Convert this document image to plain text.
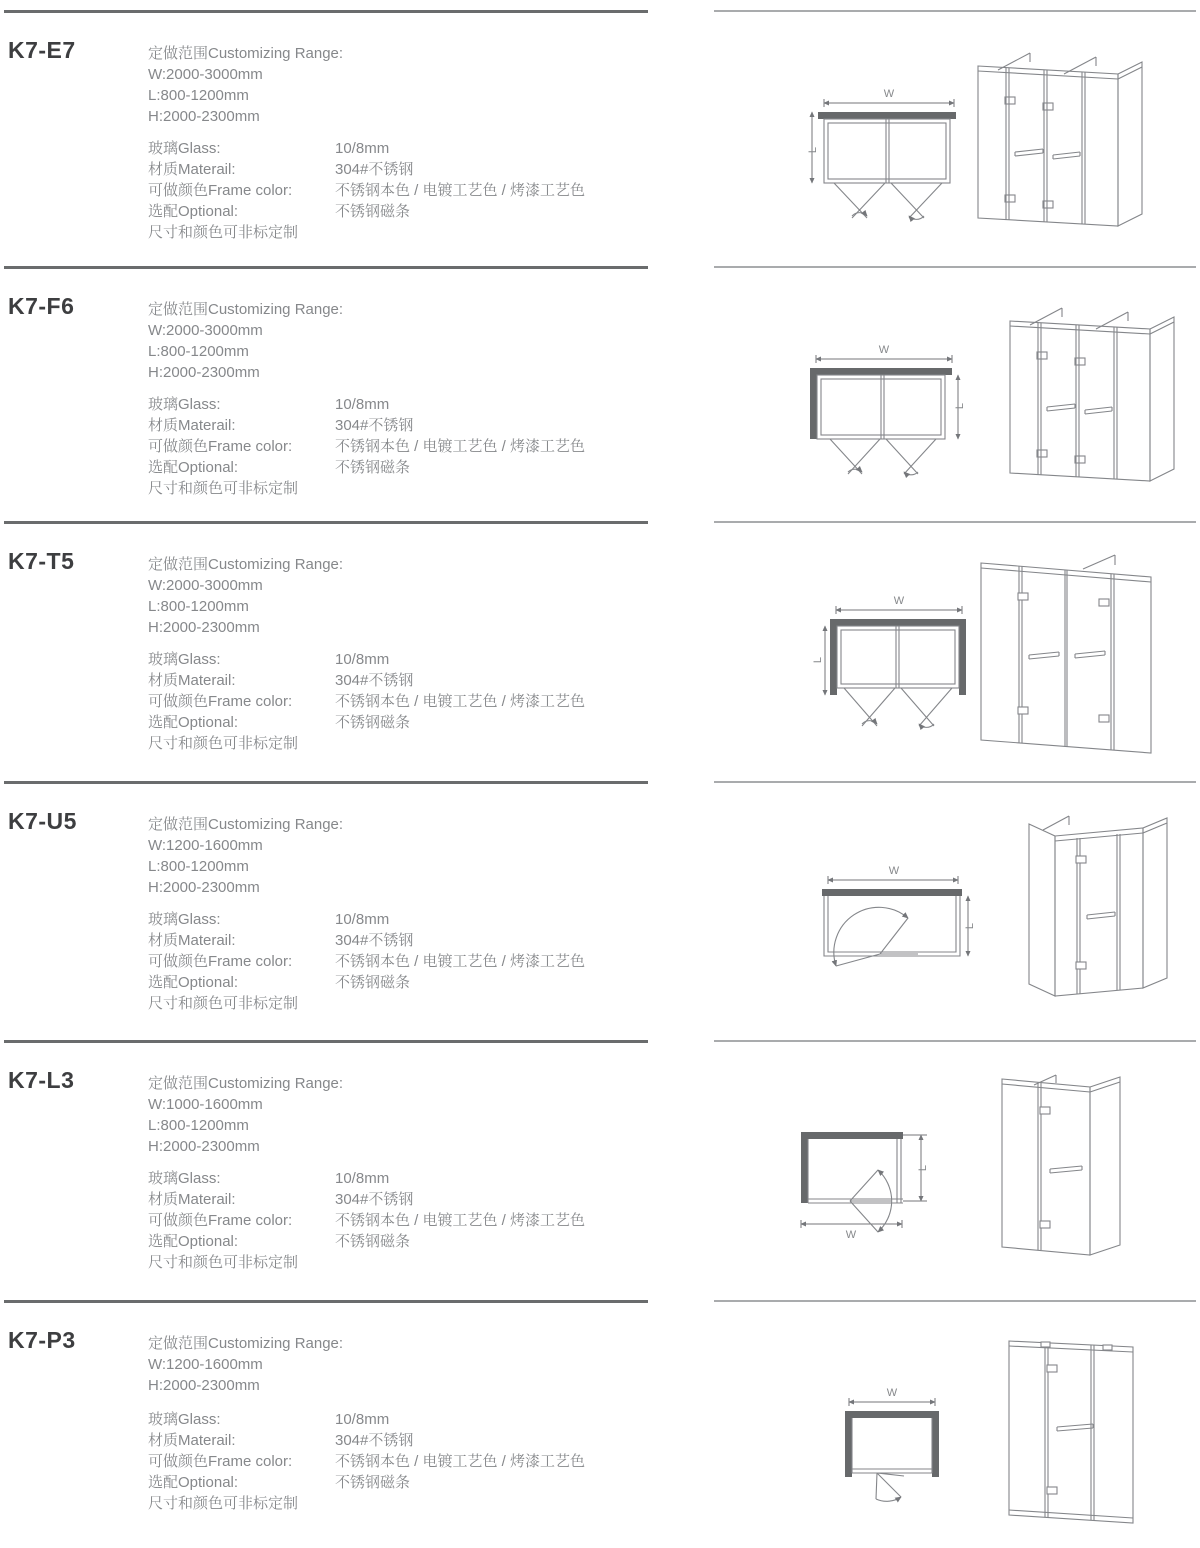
K7-E7	定做范围Customizing Range:
W:2000-3000mm
L:800-1200mm
H:2000-2300mm
玻璃Glass:	10/8mm
材质Materail:	304#不锈钢
可做颜色Frame color:	不锈钢本色 / 电镀工艺色 / 烤漆工艺色
选配Optional:	不锈钢磁条
尺寸和颜色可非标定制
W
L
K7-F6	定做范围Customizing Range:
W:2000-3000mm
L:800-1200mm
H:2000-2300mm
玻璃Glass:	10/8mm
材质Materail:	304#不锈钢
可做颜色Frame color:	不锈钢本色 / 电镀工艺色 / 烤漆工艺色
选配Optional:	不锈钢磁条
尺寸和颜色可非标定制
W
L
K7-T5	定做范围Customizing Range:
W:2000-3000mm
L:800-1200mm
H:2000-2300mm
玻璃Glass:	10/8mm
材质Materail:	304#不锈钢
可做颜色Frame color:	不锈钢本色 / 电镀工艺色 / 烤漆工艺色
选配Optional:	不锈钢磁条
尺寸和颜色可非标定制
W
L
K7-U5	定做范围Customizing Range:
W:1200-1600mm
L:800-1200mm
H:2000-2300mm
玻璃Glass:	10/8mm
材质Materail:	304#不锈钢
可做颜色Frame color:	不锈钢本色 / 电镀工艺色 / 烤漆工艺色
选配Optional:	不锈钢磁条
尺寸和颜色可非标定制
W
L
K7-L3	定做范围Customizing Range:
W:1000-1600mm
L:800-1200mm
H:2000-2300mm
玻璃Glass:	10/8mm
材质Materail:	304#不锈钢
可做颜色Frame color:	不锈钢本色 / 电镀工艺色 / 烤漆工艺色
选配Optional:	不锈钢磁条
尺寸和颜色可非标定制
L
W
K7-P3	定做范围Customizing Range:
W:1200-1600mm
H:2000-2300mm
玻璃Glass:	10/8mm
材质Materail:	304#不锈钢
可做颜色Frame color:	不锈钢本色 / 电镀工艺色 / 烤漆工艺色
选配Optional:	不锈钢磁条
尺寸和颜色可非标定制
W
